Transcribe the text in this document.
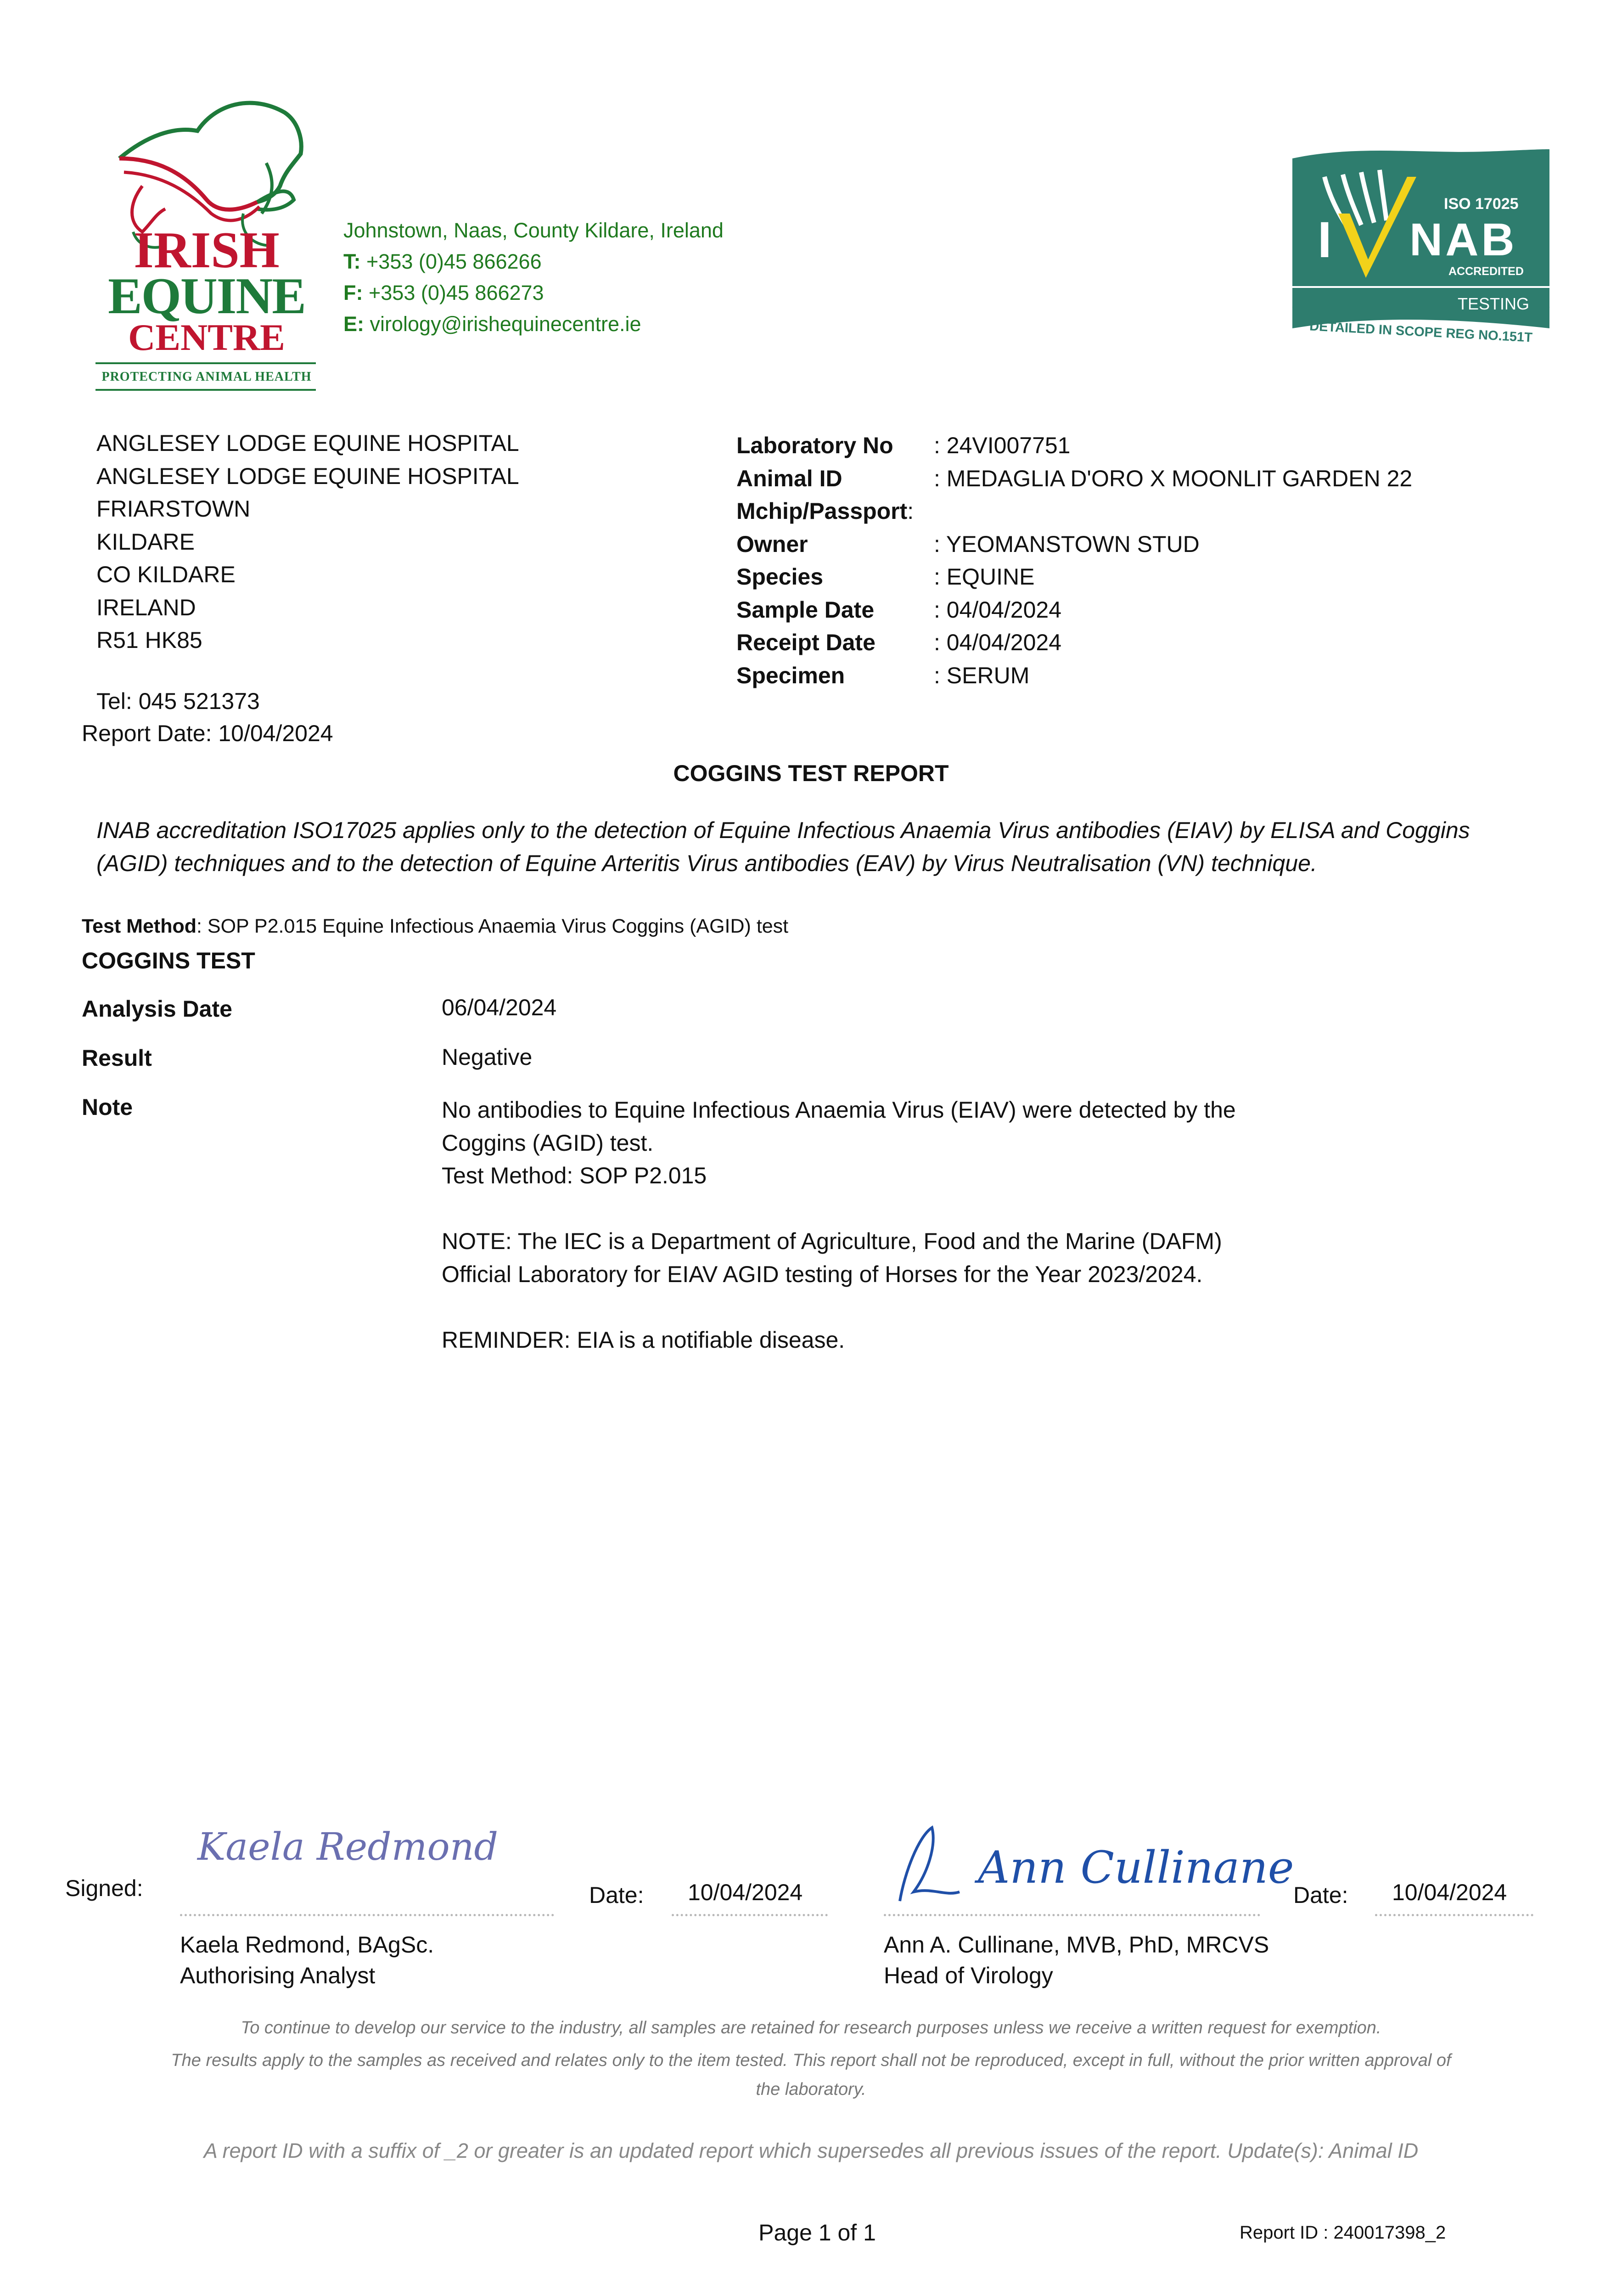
IRISH
EQUINE
CENTRE
PROTECTING ANIMAL HEALTH
Johnstown, Naas, County Kildare, Ireland
T: +353 (0)45 866266
F: +353 (0)45 866273
E: virology@irishequinecentre.ie
I
ISO 17025
NAB
ACCREDITED
TESTING
DETAILED IN SCOPE REG NO.151T
ANGLESEY LODGE EQUINE HOSPITAL
ANGLESEY LODGE EQUINE HOSPITAL
FRIARSTOWN
KILDARE
CO KILDARE
IRELAND
R51 HK85
Tel: 045 521373
Report Date: 10/04/2024
Laboratory No	: 24VI007751
Animal ID	: MEDAGLIA D'ORO X MOONLIT GARDEN 22
Mchip/Passport :
Owner	: YEOMANSTOWN STUD
Species	: EQUINE
Sample Date	: 04/04/2024
Receipt Date	: 04/04/2024
Specimen	: SERUM
COGGINS TEST REPORT
INAB accreditation ISO17025 applies only to the detection of Equine Infectious Anaemia Virus antibodies (EIAV) by ELISA and Coggins (AGID) techniques and to the detection of Equine Arteritis Virus antibodies (EAV) by Virus Neutralisation (VN) technique.
Test Method: SOP P2.015 Equine Infectious Anaemia Virus Coggins (AGID) test
COGGINS TEST
Analysis Date	06/04/2024
Result	Negative
Note	No antibodies to Equine Infectious Anaemia Virus (EIAV) were detected by the Coggins (AGID) test.
Test Method: SOP P2.015

NOTE: The IEC is a Department of Agriculture, Food and the Marine (DAFM) Official Laboratory for EIAV AGID testing of Horses for the Year 2023/2024.

REMINDER: EIA is a notifiable disease.

Signed:
Kaela Redmond
Date: 10/04/2024	Ann Cullinane
Date: 10/04/2024
Kaela Redmond, BAgSc.
Authorising Analyst
Ann A. Cullinane, MVB, PhD, MRCVS
Head of Virology
To continue to develop our service to the industry, all samples are retained for research purposes unless we receive a written request for exemption.
The results apply to the samples as received and relates only to the item tested. This report shall not be reproduced, except in full, without the prior written approval of the laboratory.
A report ID with a suffix of _2 or greater is an updated report which supersedes all previous issues of the report. Update(s): Animal ID
Page 1 of 1	Report ID : 240017398_2
